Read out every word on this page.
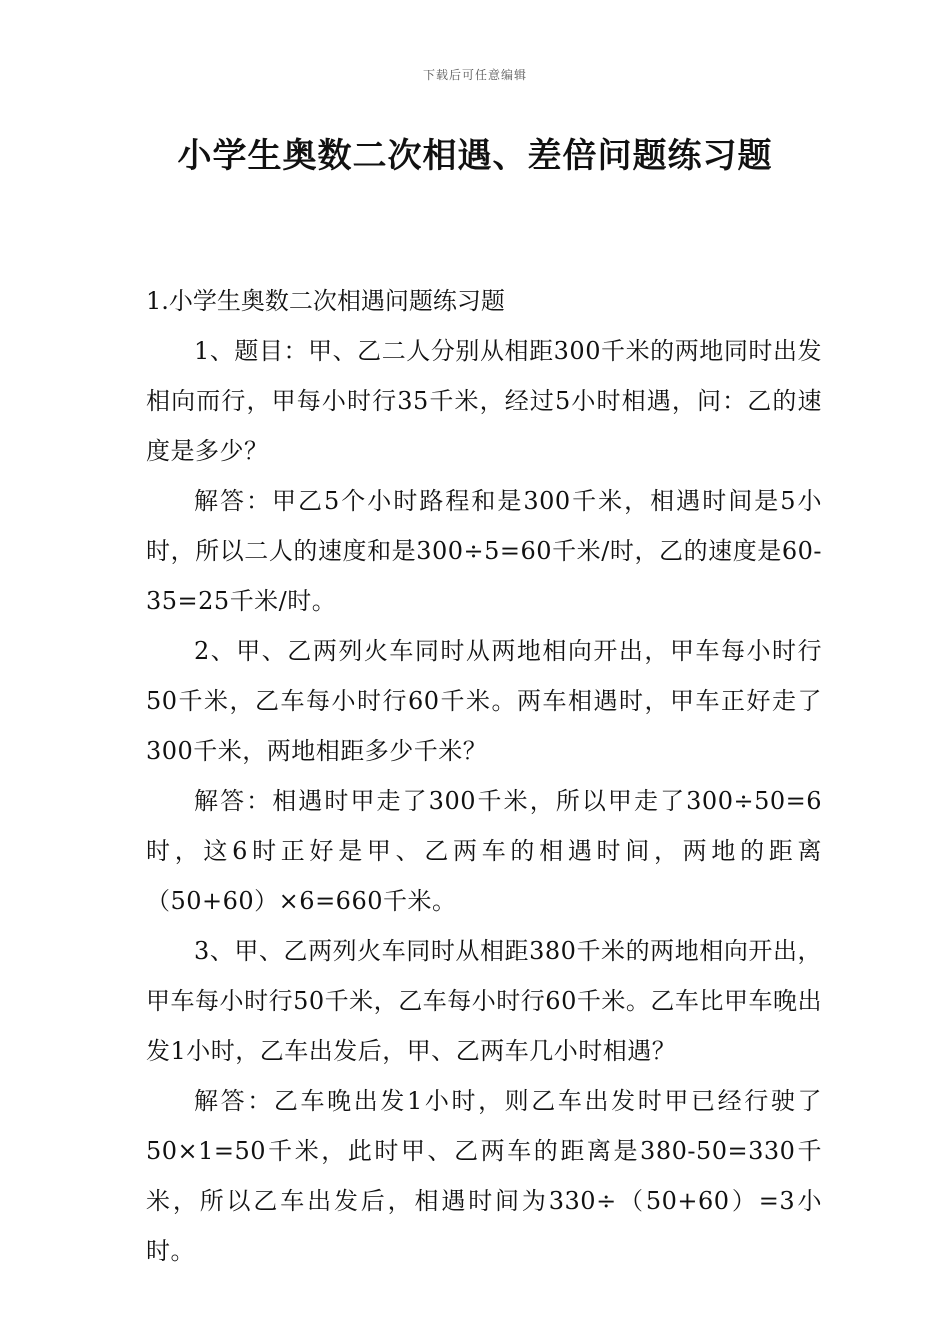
下载后可任意编辑
小学生奥数二次相遇、差倍问题练习题
1.小学生奥数二次相遇问题练习题

1、题目：甲、乙二人分别从相距300千米的两地同时出发相向而行，甲每小时行35千米，经过5小时相遇，问：乙的速度是多少？

解答：甲乙5个小时路程和是300千米，相遇时间是5小时，所以二人的速度和是300÷5=60千米/时，乙的速度是60-35=25千米/时。

2、甲、乙两列火车同时从两地相向开出，甲车每小时行50千米，乙车每小时行60千米。两车相遇时，甲车正好走了300千米，两地相距多少千米？

解答：相遇时甲走了300千米，所以甲走了300÷50=6时，这6时正好是甲、乙两车的相遇时间，两地的距离（50+60）×6=660千米。

3、甲、乙两列火车同时从相距380千米的两地相向开出，甲车每小时行50千米，乙车每小时行60千米。乙车比甲车晚出发1小时，乙车出发后，甲、乙两车几小时相遇？

解答：乙车晚出发1小时，则乙车出发时甲已经行驶了50×1=50千米，此时甲、乙两车的距离是380-50=330千米，所以乙车出发后，相遇时间为330÷（50+60）=3小时。
